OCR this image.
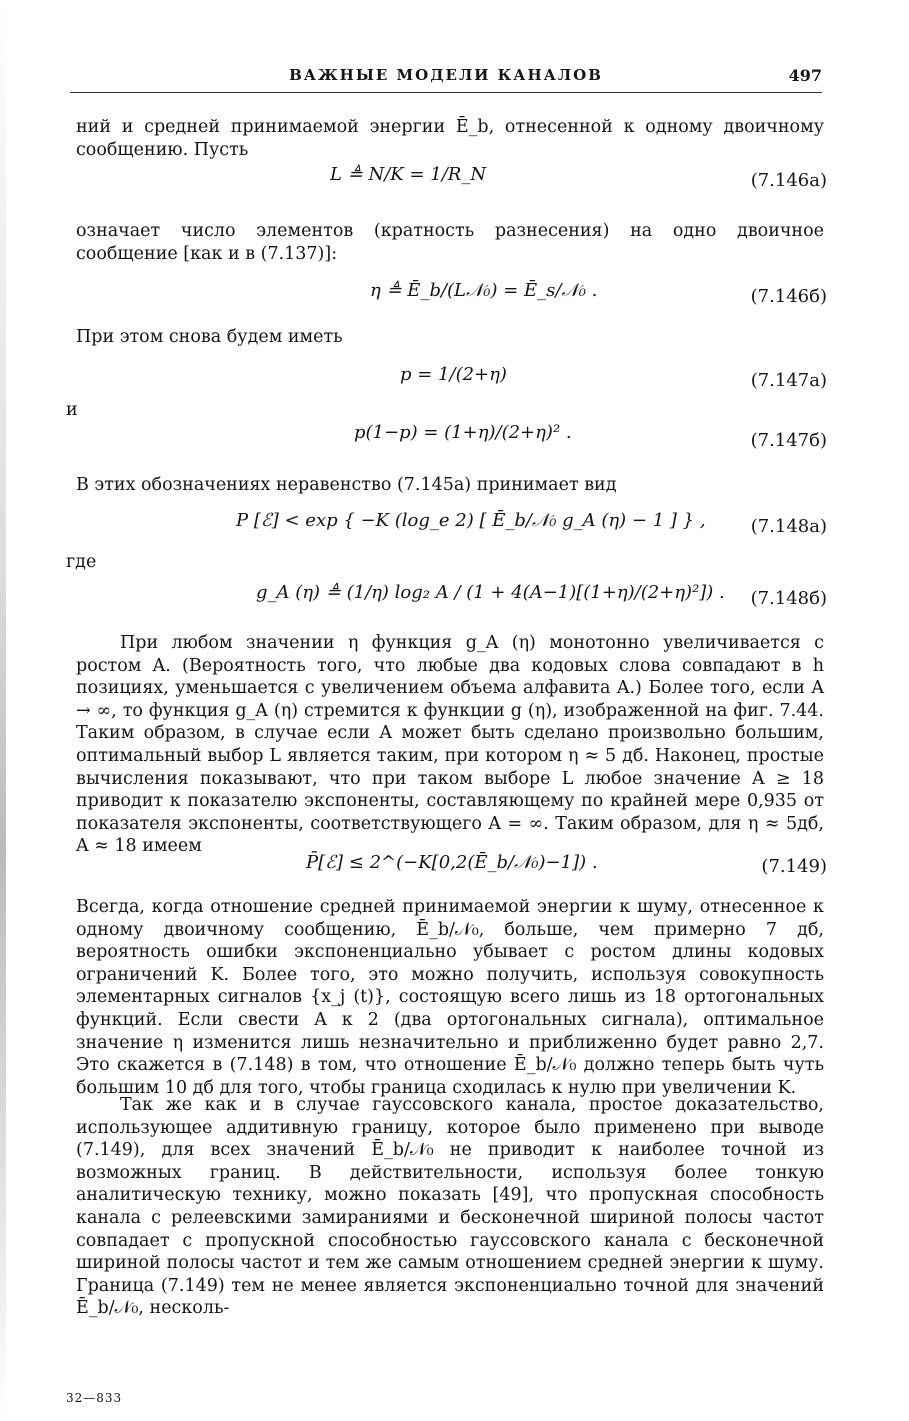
ВАЖНЫЕ МОДЕЛИ КАНАЛОВ	497

ний и средней принимаемой энергии Ē_b, отнесенной к одному двоичному сообщению. Пусть

L ≜ N/K = 1/R_N	(7.146а)

означает число элементов (кратность разнесения) на одно двоичное сообщение [как и в (7.137)]:

η ≜ Ē_b/(L𝒩₀) = Ē_s/𝒩₀ .	(7.146б)

При этом снова будем иметь

p = 1/(2+η)	(7.147а)
и
p(1−p) = (1+η)/(2+η)² .	(7.147б)

В этих обозначениях неравенство (7.145а) принимает вид

P [ℰ] < exp { −K (log_e 2) [ Ē_b/𝒩₀ g_A (η) − 1 ] } ,	(7.148а)
где
g_A (η) ≜ (1/η) log₂ A / (1 + 4(A−1)[(1+η)/(2+η)²]) . (7.148б)

При любом значении η функция g_A (η) монотонно увеличивается с ростом A. (Вероятность того, что любые два кодовых слова совпадают в h позициях, уменьшается с увеличением объема алфавита A.) Более того, если A → ∞, то функция g_A (η) стремится к функции g (η), изображенной на фиг. 7.44. Таким образом, в случае если A может быть сделано произвольно большим, оптимальный выбор L является таким, при котором η ≈ 5 дб. Наконец, простые вычисления показывают, что при таком выборе L любое значение A ≥ 18 приводит к показателю экспоненты, составляющему по крайней мере 0,935 от показателя экспоненты, соответствующего A = ∞. Таким образом, для η ≈ 5дб, A ≈ 18 имеем

P̄[ℰ] ≤ 2^(−K[0,2(Ē_b/𝒩₀)−1]) .	(7.149)

Всегда, когда отношение средней принимаемой энергии к шуму, отнесенное к одному двоичному сообщению, Ē_b/𝒩₀, больше, чем примерно 7 дб, вероятность ошибки экспоненциально убывает с ростом длины кодовых ограничений K. Более того, это можно получить, используя совокупность элементарных сигналов {x_j (t)}, состоящую всего лишь из 18 ортогональных функций. Если свести A к 2 (два ортогональных сигнала), оптимальное значение η изменится лишь незначительно и приближенно будет равно 2,7. Это скажется в (7.148) в том, что отношение Ē_b/𝒩₀ должно теперь быть чуть большим 10 дб для того, чтобы граница сходилась к нулю при увеличении K.

Так же как и в случае гауссовского канала, простое доказательство, использующее аддитивную границу, которое было применено при выводе (7.149), для всех значений Ē_b/𝒩₀ не приводит к наиболее точной из возможных границ. В действительности, используя более тонкую аналитическую технику, можно показать [49], что пропускная способность канала с релеевскими замираниями и бесконечной шириной полосы частот совпадает с пропускной способностью гауссовского канала с бесконечной шириной полосы частот и тем же самым отношением средней энергии к шуму. Граница (7.149) тем не менее является экспоненциально точной для значений Ē_b/𝒩₀, несколь-

32—833
